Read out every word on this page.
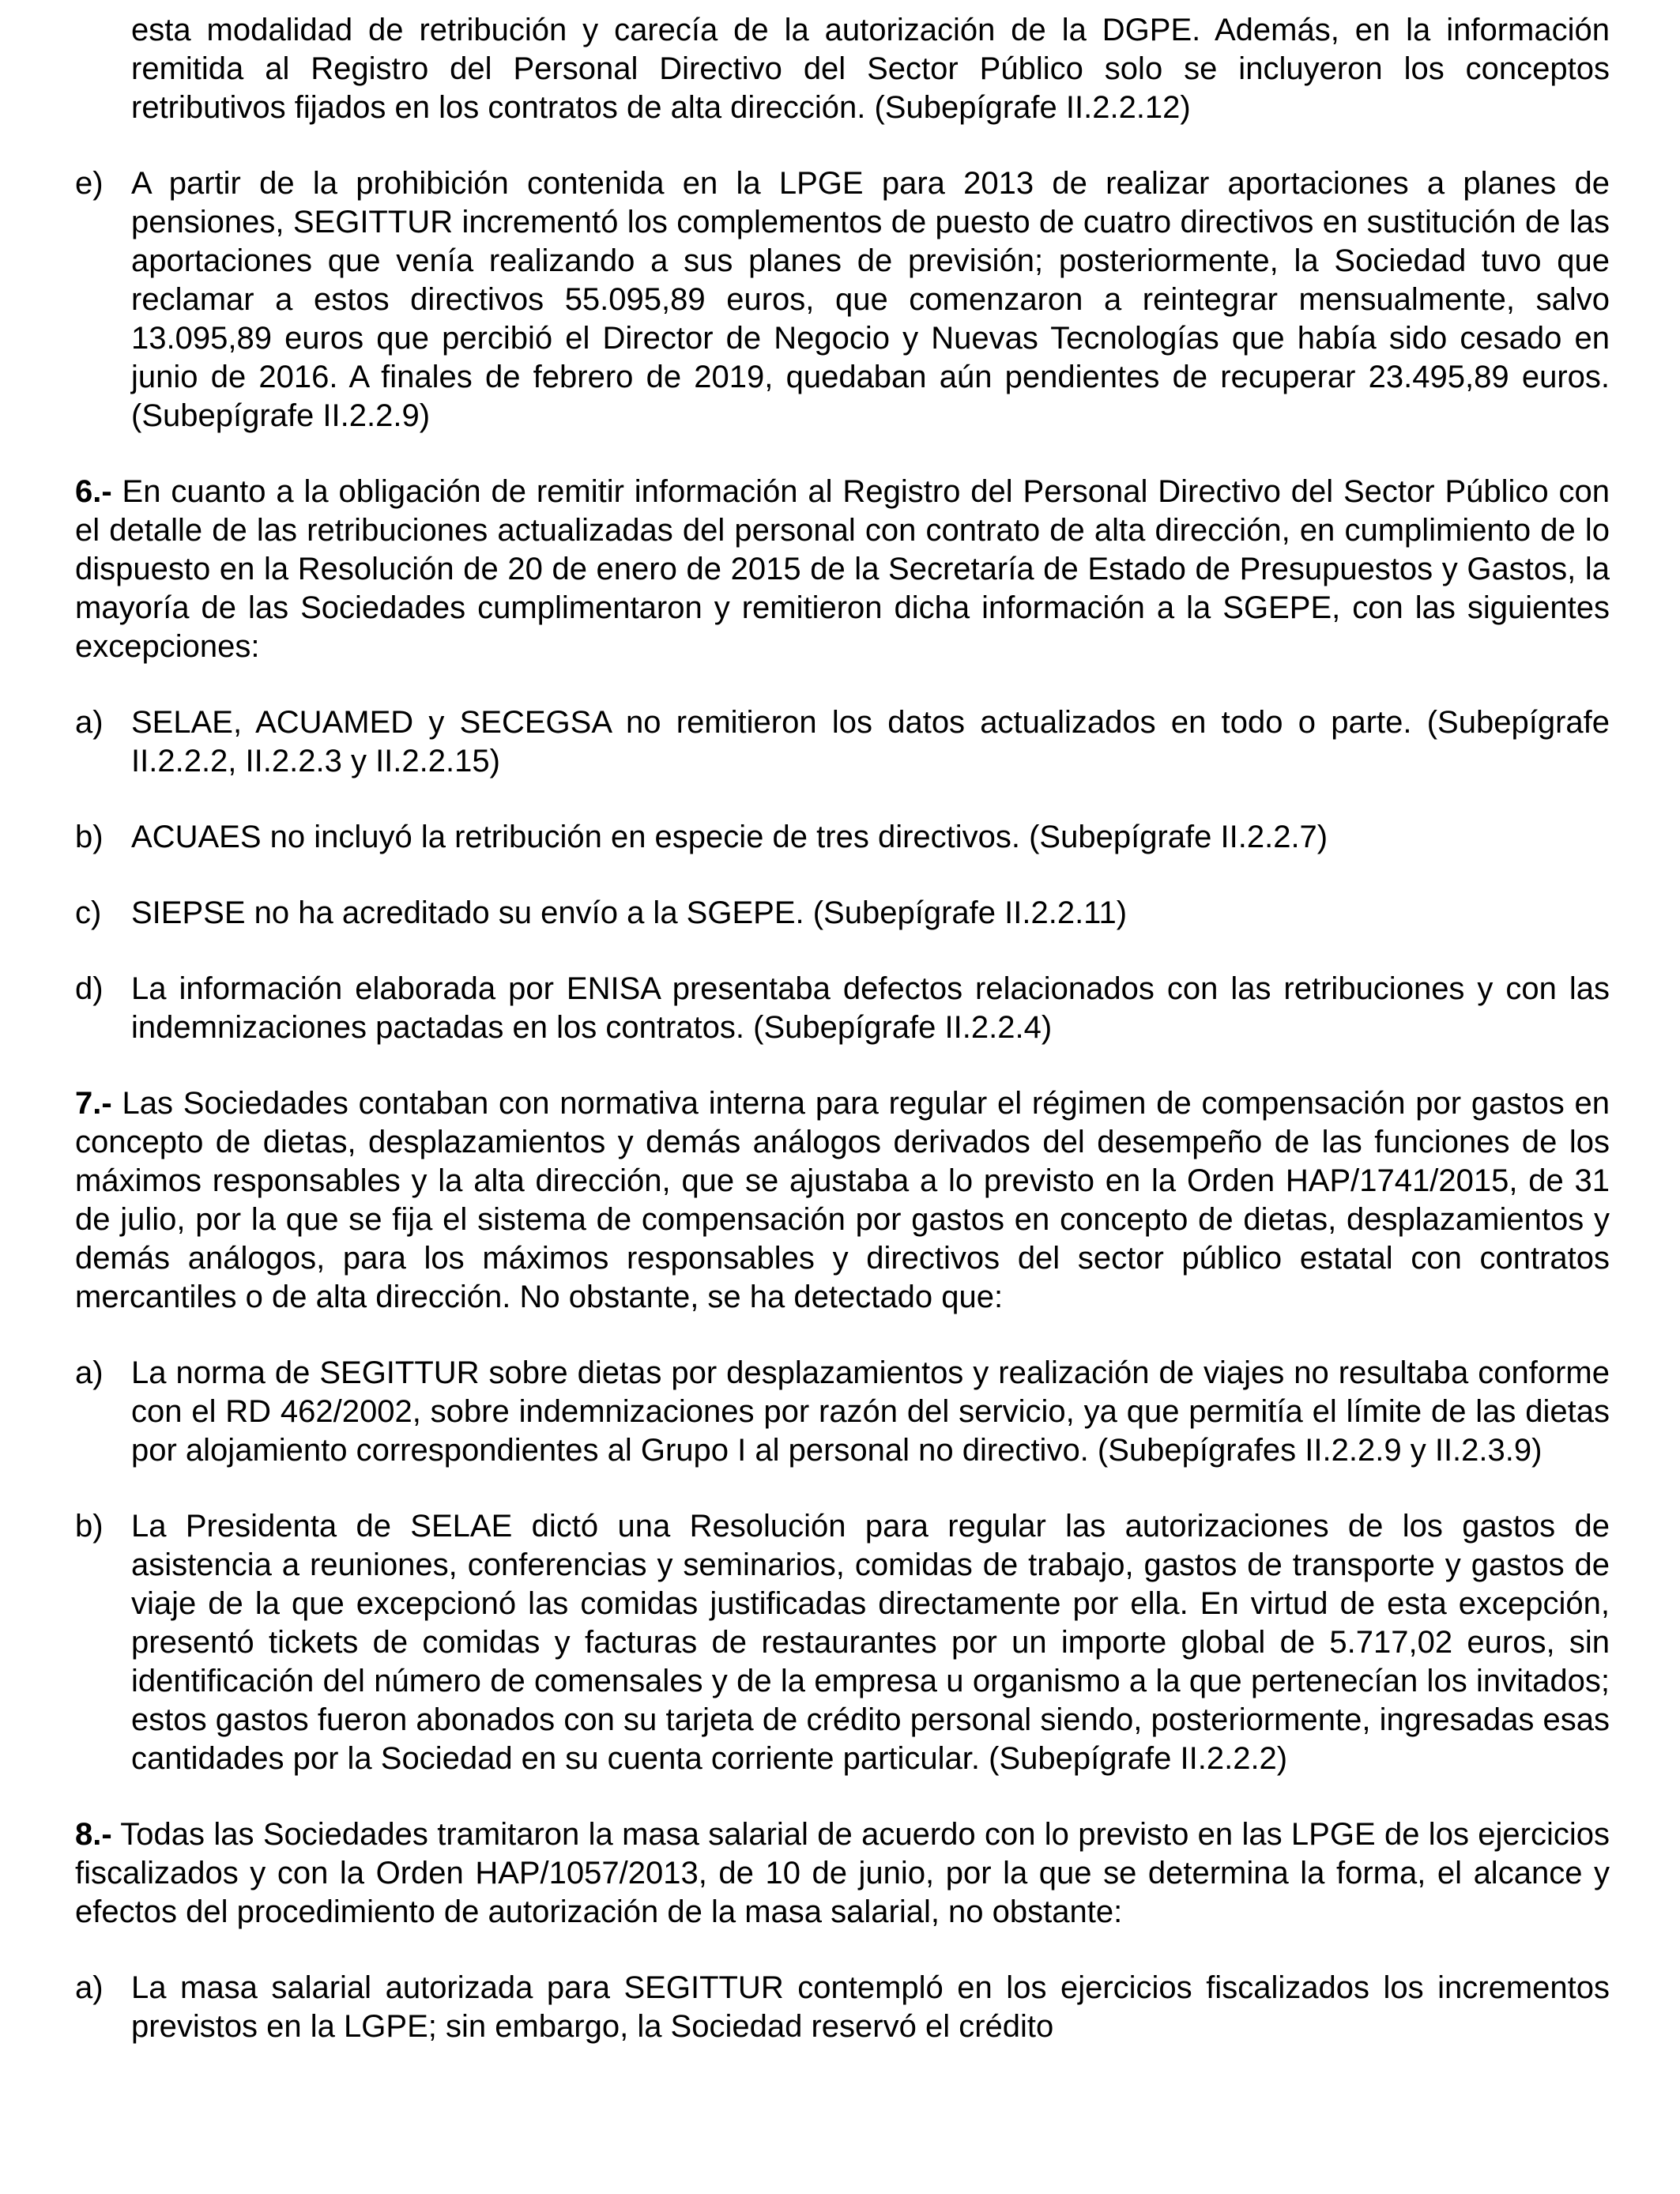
esta modalidad de retribución y carecía de la autorización de la DGPE. Además, en la información remitida al Registro del Personal Directivo del Sector Público solo se incluyeron los conceptos retributivos fijados en los contratos de alta dirección. (Subepígrafe II.2.2.12)

e) A partir de la prohibición contenida en la LPGE para 2013 de realizar aportaciones a planes de pensiones, SEGITTUR incrementó los complementos de puesto de cuatro directivos en sustitución de las aportaciones que venía realizando a sus planes de previsión; posteriormente, la Sociedad tuvo que reclamar a estos directivos 55.095,89 euros, que comenzaron a reintegrar mensualmente, salvo 13.095,89 euros que percibió el Director de Negocio y Nuevas Tecnologías que había sido cesado en junio de 2016. A finales de febrero de 2019, quedaban aún pendientes de recuperar 23.495,89 euros. (Subepígrafe II.2.2.9)

6.- En cuanto a la obligación de remitir información al Registro del Personal Directivo del Sector Público con el detalle de las retribuciones actualizadas del personal con contrato de alta dirección, en cumplimiento de lo dispuesto en la Resolución de 20 de enero de 2015 de la Secretaría de Estado de Presupuestos y Gastos, la mayoría de las Sociedades cumplimentaron y remitieron dicha información a la SGEPE, con las siguientes excepciones:

a) SELAE, ACUAMED y SECEGSA no remitieron los datos actualizados en todo o parte. (Subepígrafe II.2.2.2, II.2.2.3 y II.2.2.15)

b) ACUAES no incluyó la retribución en especie de tres directivos. (Subepígrafe II.2.2.7)

c) SIEPSE no ha acreditado su envío a la SGEPE. (Subepígrafe II.2.2.11)

d) La información elaborada por ENISA presentaba defectos relacionados con las retribuciones y con las indemnizaciones pactadas en los contratos. (Subepígrafe II.2.2.4)

7.- Las Sociedades contaban con normativa interna para regular el régimen de compensación por gastos en concepto de dietas, desplazamientos y demás análogos derivados del desempeño de las funciones de los máximos responsables y la alta dirección, que se ajustaba a lo previsto en la Orden HAP/1741/2015, de 31 de julio, por la que se fija el sistema de compensación por gastos en concepto de dietas, desplazamientos y demás análogos, para los máximos responsables y directivos del sector público estatal con contratos mercantiles o de alta dirección. No obstante, se ha detectado que:

a) La norma de SEGITTUR sobre dietas por desplazamientos y realización de viajes no resultaba conforme con el RD 462/2002, sobre indemnizaciones por razón del servicio, ya que permitía el límite de las dietas por alojamiento correspondientes al Grupo I al personal no directivo. (Subepígrafes II.2.2.9 y II.2.3.9)

b) La Presidenta de SELAE dictó una Resolución para regular las autorizaciones de los gastos de asistencia a reuniones, conferencias y seminarios, comidas de trabajo, gastos de transporte y gastos de viaje de la que excepcionó las comidas justificadas directamente por ella. En virtud de esta excepción, presentó tickets de comidas y facturas de restaurantes por un importe global de 5.717,02 euros, sin identificación del número de comensales y de la empresa u organismo a la que pertenecían los invitados; estos gastos fueron abonados con su tarjeta de crédito personal siendo, posteriormente, ingresadas esas cantidades por la Sociedad en su cuenta corriente particular. (Subepígrafe II.2.2.2)

8.- Todas las Sociedades tramitaron la masa salarial de acuerdo con lo previsto en las LPGE de los ejercicios fiscalizados y con la Orden HAP/1057/2013, de 10 de junio, por la que se determina la forma, el alcance y efectos del procedimiento de autorización de la masa salarial, no obstante:

a) La masa salarial autorizada para SEGITTUR contempló en los ejercicios fiscalizados los incrementos previstos en la LGPE; sin embargo, la Sociedad reservó el crédito
